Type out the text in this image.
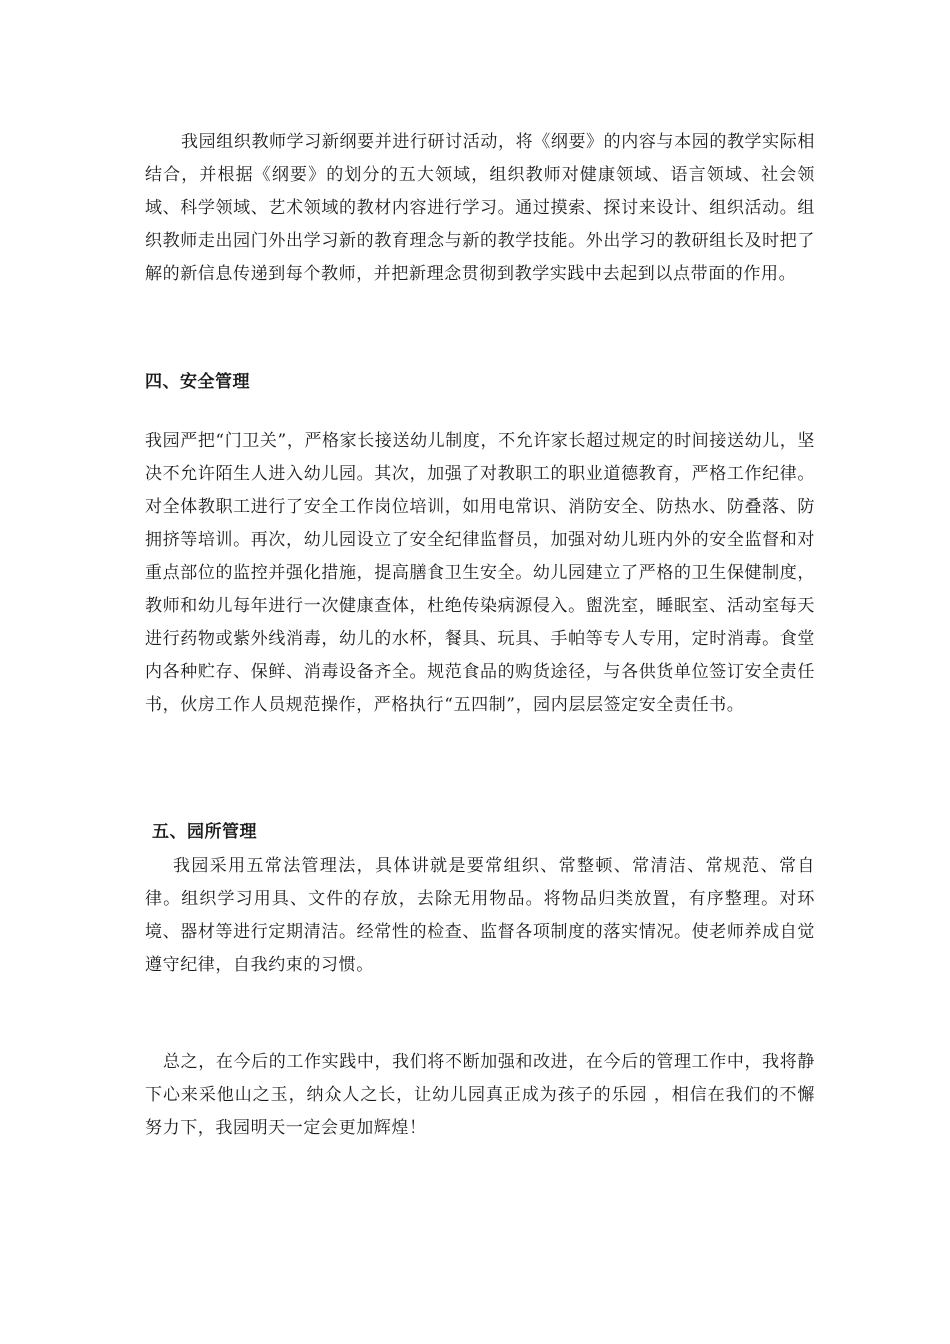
我园组织教师学习新纲要并进行研讨活动，将《纲要》的内容与本园的教学实际相结合，并根据《纲要》的划分的五大领域，组织教师对健康领域、语言领域、社会领域、科学领域、艺术领域的教材内容进行学习。通过摸索、探讨来设计、组织活动。组织教师走出园门外出学习新的教育理念与新的教学技能。外出学习的教研组长及时把了解的新信息传递到每个教师，并把新理念贯彻到教学实践中去起到以点带面的作用。

四、安全管理

我园严把“门卫关”，严格家长接送幼儿制度，不允许家长超过规定的时间接送幼儿，坚决不允许陌生人进入幼儿园。其次，加强了对教职工的职业道德教育，严格工作纪律。对全体教职工进行了安全工作岗位培训，如用电常识、消防安全、防热水、防叠落、防拥挤等培训。再次，幼儿园设立了安全纪律监督员，加强对幼儿班内外的安全监督和对重点部位的监控并强化措施，提高膳食卫生安全。幼儿园建立了严格的卫生保健制度，教师和幼儿每年进行一次健康查体，杜绝传染病源侵入。盥洗室，睡眠室、活动室每天进行药物或紫外线消毒，幼儿的水杯，餐具、玩具、手帕等专人专用，定时消毒。食堂内各种贮存、保鲜、消毒设备齐全。规范食品的购货途径，与各供货单位签订安全责任书，伙房工作人员规范操作，严格执行“五四制”，园内层层签定安全责任书。

五、园所管理

我园采用五常法管理法，具体讲就是要常组织、常整顿、常清洁、常规范、常自律。组织学习用具、文件的存放，去除无用物品。将物品归类放置，有序整理。对环境、器材等进行定期清洁。经常性的检查、监督各项制度的落实情况。使老师养成自觉遵守纪律，自我约束的习惯。

总之，在今后的工作实践中，我们将不断加强和改进，在今后的管理工作中，我将静下心来采他山之玉，纳众人之长，让幼儿园真正成为孩子的乐园 ，相信在我们的不懈努力下，我园明天一定会更加辉煌！
